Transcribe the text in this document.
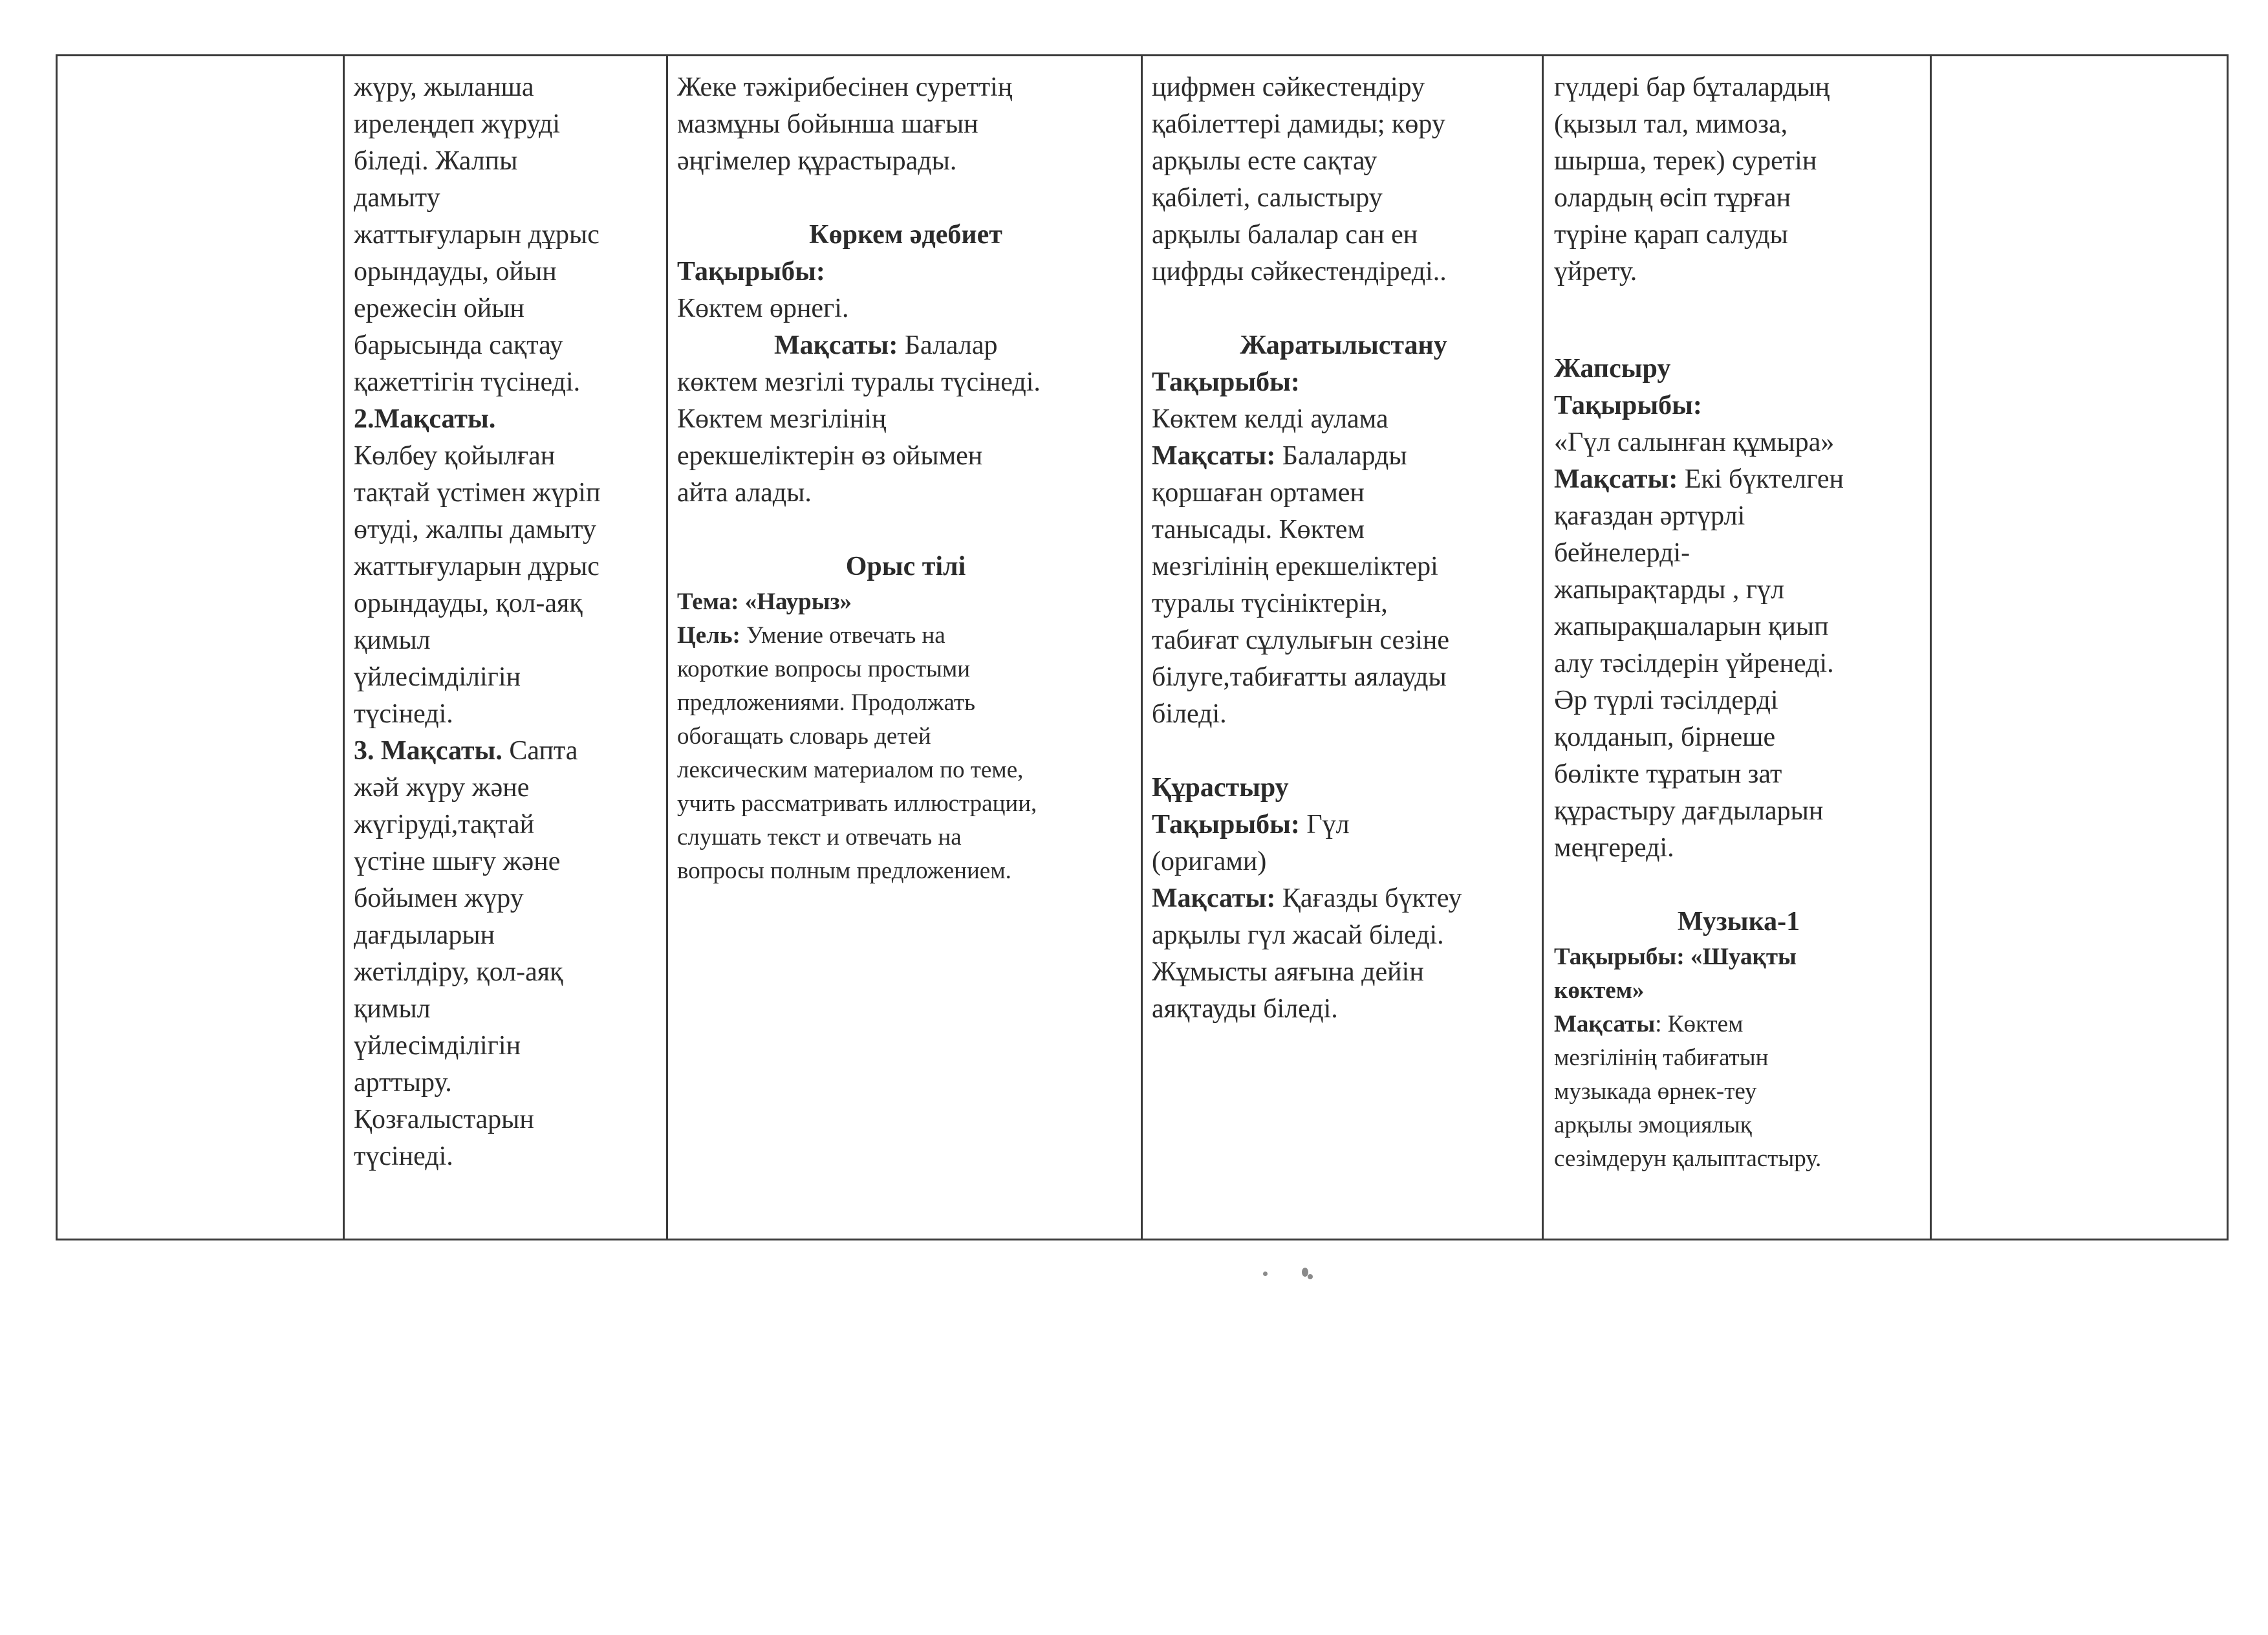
жүру, жыланша
ирелеңдеп жүруді
біледі. Жалпы
дамыту
жаттығуларын дұрыс
орындауды, ойын
ережесін ойын
барысында сақтау
қажеттігін түсінеді.
2.Мақсаты.
Көлбеу қойылған
тақтай үстімен жүріп
өтуді, жалпы дамыту
жаттығуларын дұрыс
орындауды, қол-аяқ
қимыл
үйлесімділігін
түсінеді.
3. Мақсаты. Сапта
жәй жүру және
жүгіруді,тақтай
үстіне шығу және
бойымен жүру
дағдыларын
жетілдіру, қол-аяқ
қимыл
үйлесімділігін
арттыру.
Қозғалыстарын
түсінеді.
Жеке тәжірибесінен суреттің
мазмұны бойынша шағын
әңгімелер құрастырады.
Көркем әдебиет
Тақырыбы:
Көктем өрнегі.
Мақсаты: Балалар
көктем мезгілі туралы түсінеді.
Көктем мезгілінің
ерекшеліктерін өз ойымен
айта алады.
Орыс тілі
Тема: «Наурыз»
Цель: Умение отвечать на
короткие вопросы простыми
предложениями. Продолжать
обогащать словарь детей
лексическим материалом по теме,
учить рассматривать иллюстрации,
слушать текст и отвечать на
вопросы полным предложением.
цифрмен сәйкестендіру
қабілеттері дамиды; көру
арқылы есте сақтау
қабілеті, салыстыру
арқылы балалар сан ен
цифрды сәйкестендіреді..
Жаратылыстану
Тақырыбы:
Көктем келді аулама
Мақсаты: Балаларды
қоршаған ортамен
танысады. Көктем
мезгілінің ерекшеліктері
туралы түсініктерін,
табиғат сұлулығын сезіне
білуге,табиғатты аялауды
біледі.
Құрастыру
Тақырыбы: Гүл
(оригами)
Мақсаты: Қағазды бүктеу
арқылы гүл жасай біледі.
Жұмысты аяғына дейін
аяқтауды біледі.
гүлдері бар бұталардың
(қызыл тал, мимоза,
шырша, терек) суретін
олардың өсіп тұрған
түріне қарап салуды
үйрету.
Жапсыру
Тақырыбы:
«Гүл салынған құмыра»
Мақсаты: Екі бүктелген
қағаздан әртүрлі
бейнелерді-
жапырақтарды , гүл
жапырақшаларын қиып
алу тәсілдерін үйренеді.
Әр түрлі тәсілдерді
қолданып, бірнеше
бөлікте тұратын зат
құрастыру дағдыларын
меңгереді.
Музыка-1
Тақырыбы: «Шуақты
көктем»
Мақсаты: Көктем
мезгілінің табиғатын
музыкада өрнек-теу
арқылы эмоциялық
сезімдерун қалыптастыру.
